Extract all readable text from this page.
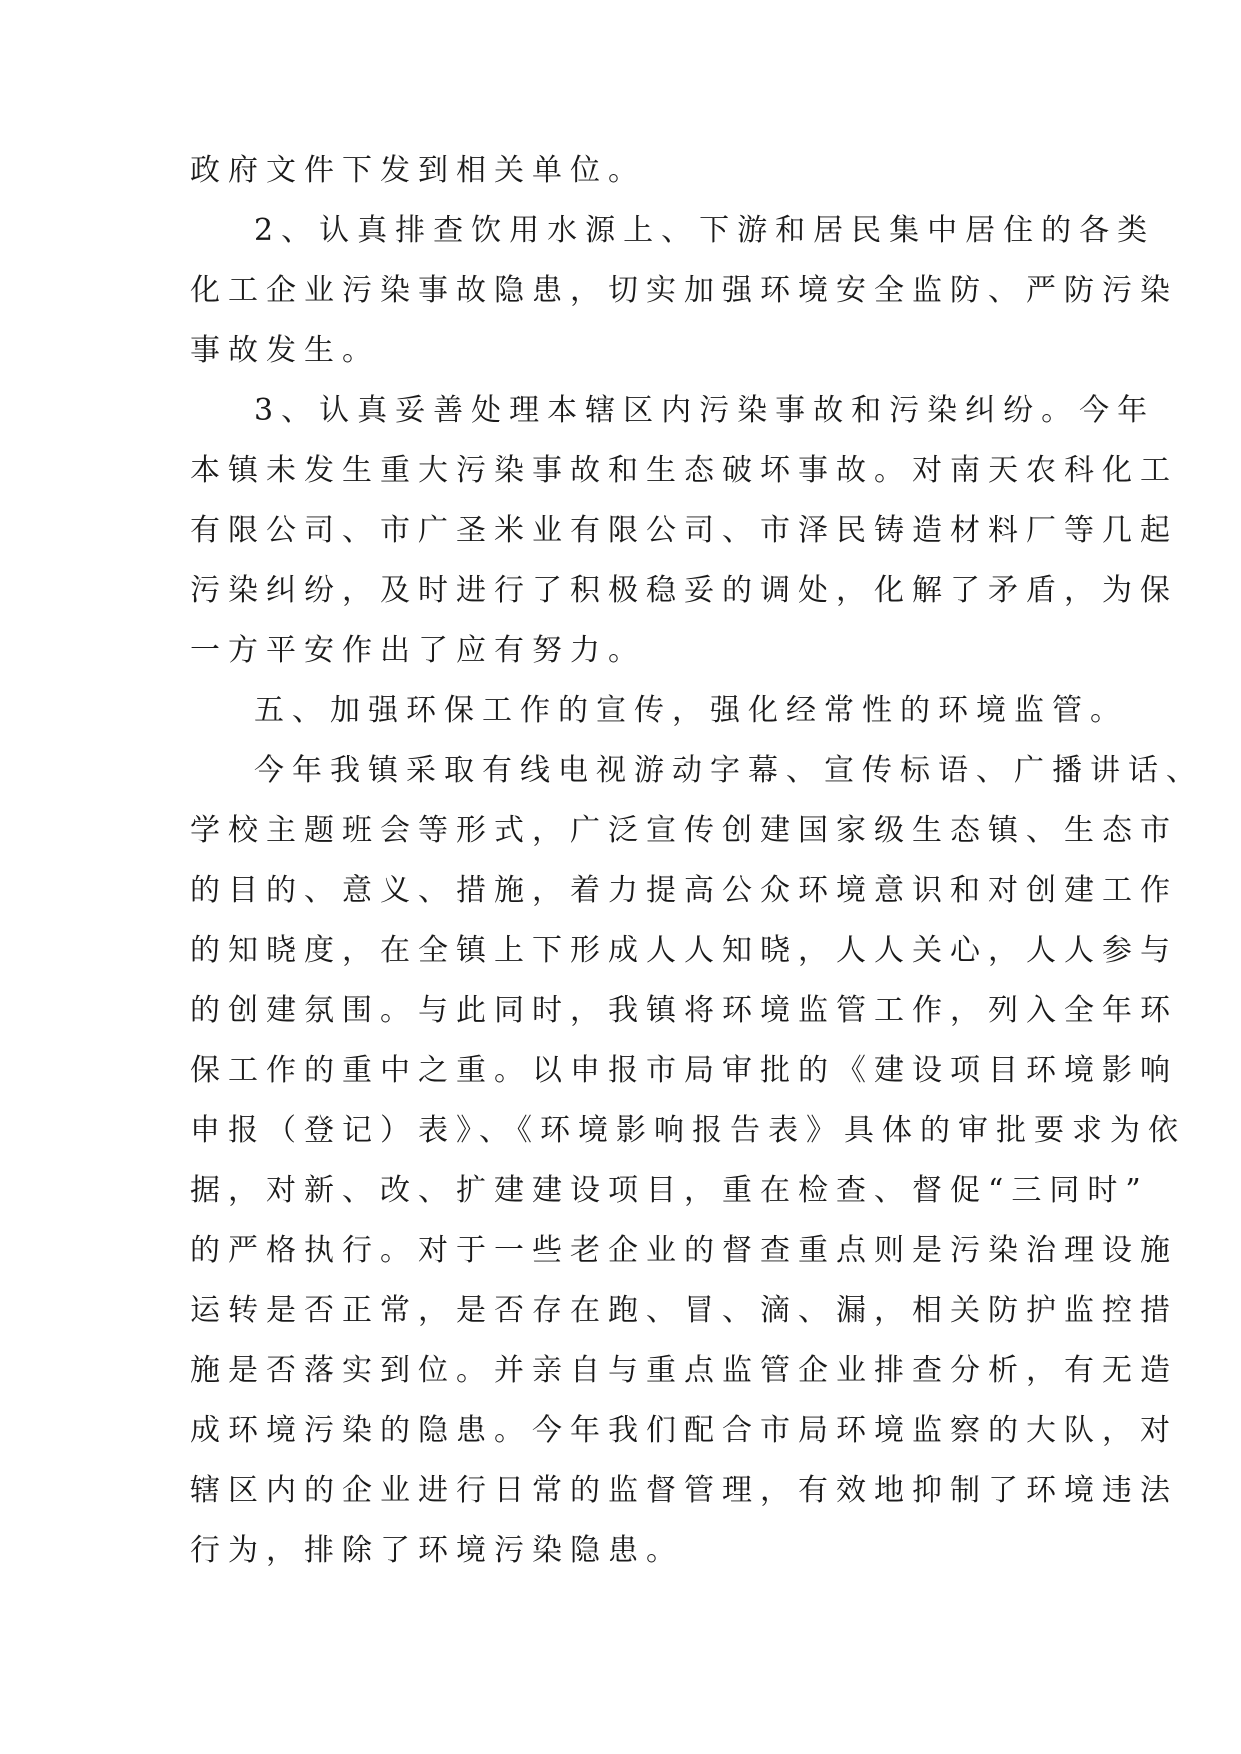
政府文件下发到相关单位。
2、认真排查饮用水源上、下游和居民集中居住的各类
化工企业污染事故隐患，切实加强环境安全监防、严防污染
事故发生。
3、认真妥善处理本辖区内污染事故和污染纠纷。今年
本镇未发生重大污染事故和生态破坏事故。对南天农科化工
有限公司、市广圣米业有限公司、市泽民铸造材料厂等几起
污染纠纷，及时进行了积极稳妥的调处，化解了矛盾，为保
一方平安作出了应有努力。
五、加强环保工作的宣传，强化经常性的环境监管。
今年我镇采取有线电视游动字幕、宣传标语、广播讲话、
学校主题班会等形式，广泛宣传创建国家级生态镇、生态市
的目的、意义、措施，着力提高公众环境意识和对创建工作
的知晓度，在全镇上下形成人人知晓，人人关心，人人参与
的创建氛围。与此同时，我镇将环境监管工作，列入全年环
保工作的重中之重。以申报市局审批的《建设项目环境影响
申报（登记）表》、《环境影响报告表》具体的审批要求为依
据，对新、改、扩建建设项目，重在检查、督促“三同时”
的严格执行。对于一些老企业的督查重点则是污染治理设施
运转是否正常，是否存在跑、冒、滴、漏，相关防护监控措
施是否落实到位。并亲自与重点监管企业排查分析，有无造
成环境污染的隐患。今年我们配合市局环境监察的大队，对
辖区内的企业进行日常的监督管理，有效地抑制了环境违法
行为，排除了环境污染隐患。
